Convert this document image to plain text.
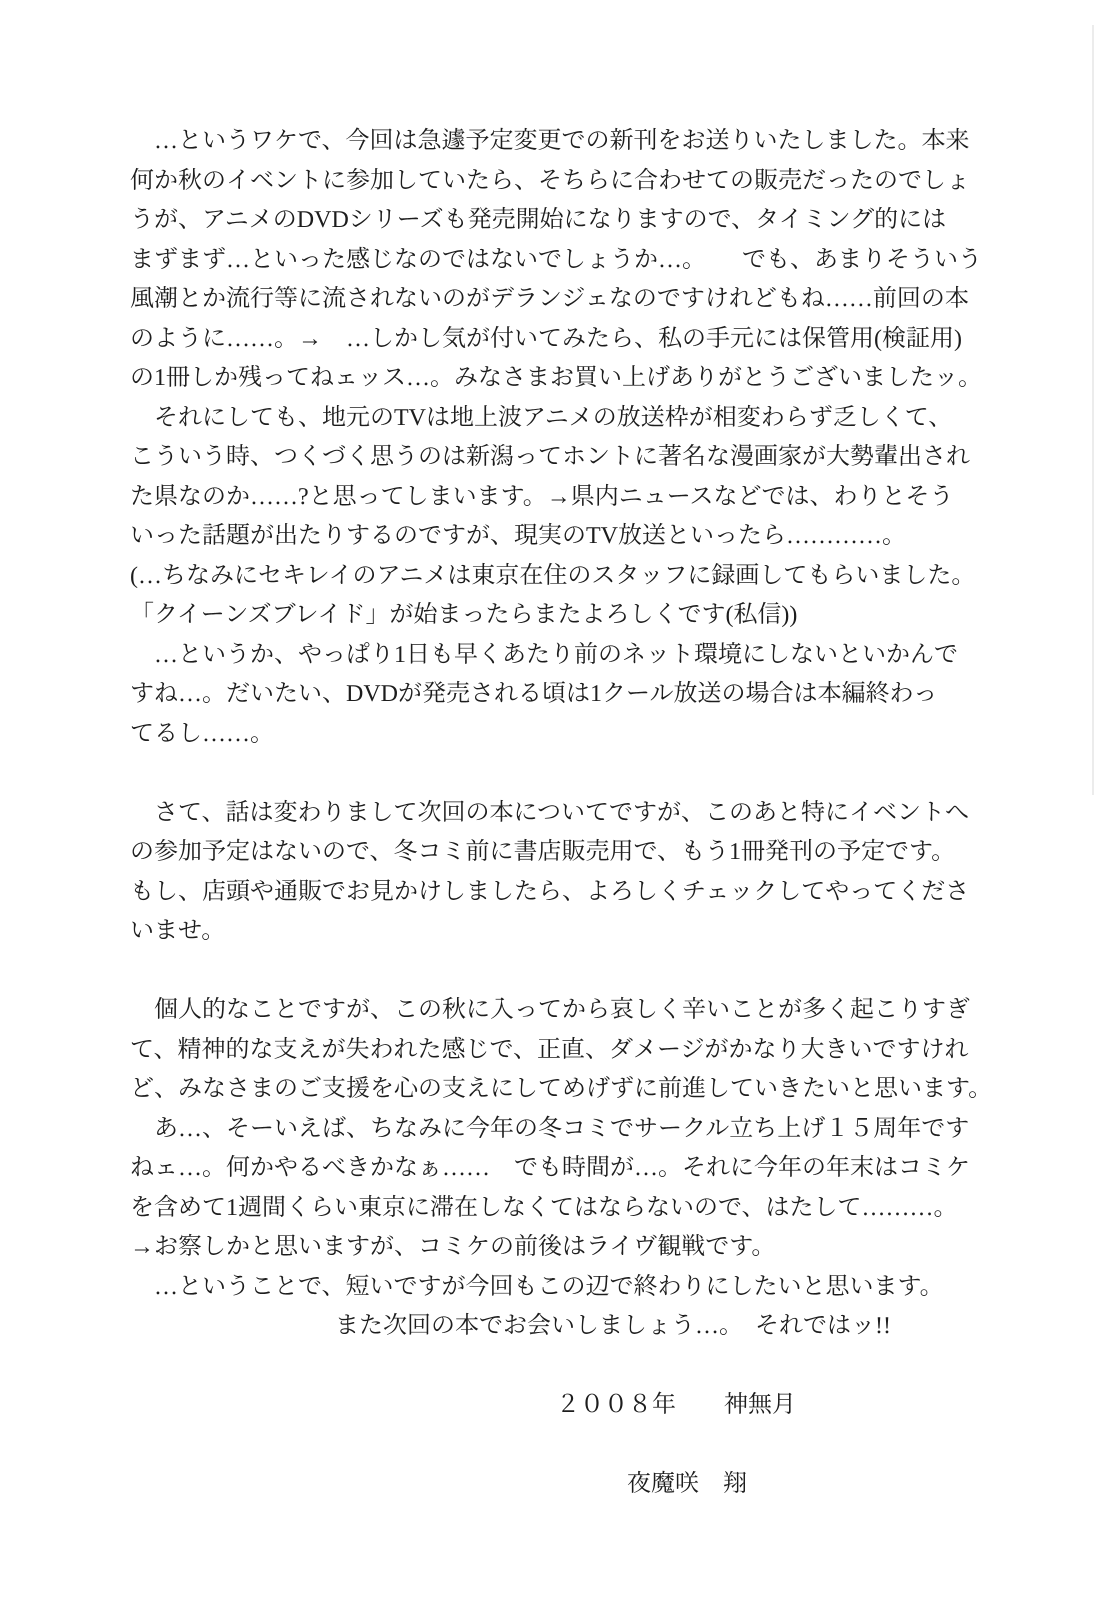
　…というワケで、今回は急遽予定変更での新刊をお送りいたしました。本来
何か秋のイベントに参加していたら、そちらに合わせての販売だったのでしょ
うが、アニメのDVDシリーズも発売開始になりますので、タイミング的には
まずまず…といった感じなのではないでしょうか…。　　でも、あまりそういう
風潮とか流行等に流されないのがデランジェなのですけれどもね……前回の本
のように……。→　…しかし気が付いてみたら、私の手元には保管用(検証用)
の1冊しか残ってねェッス…。みなさまお買い上げありがとうございましたッ。
　それにしても、地元のTVは地上波アニメの放送枠が相変わらず乏しくて、
こういう時、つくづく思うのは新潟ってホントに著名な漫画家が大勢輩出され
た県なのか……?と思ってしまいます。→県内ニュースなどでは、わりとそう
いった話題が出たりするのですが、現実のTV放送といったら…………。
(…ちなみにセキレイのアニメは東京在住のスタッフに録画してもらいました。
「クイーンズブレイド」が始まったらまたよろしくです(私信))
　…というか、やっぱり1日も早くあたり前のネット環境にしないといかんで
すね…。だいたい、DVDが発売される頃は1クール放送の場合は本編終わっ
てるし……。
　さて、話は変わりまして次回の本についてですが、このあと特にイベントへ
の参加予定はないので、冬コミ前に書店販売用で、もう1冊発刊の予定です。
もし、店頭や通販でお見かけしましたら、よろしくチェックしてやってくださ
いませ。
　個人的なことですが、この秋に入ってから哀しく辛いことが多く起こりすぎ
て、精神的な支えが失われた感じで、正直、ダメージがかなり大きいですけれ
ど、みなさまのご支援を心の支えにしてめげずに前進していきたいと思います。
　あ…、そーいえば、ちなみに今年の冬コミでサークル立ち上げ１５周年です
ねェ…。何かやるべきかなぁ……　でも時間が…。それに今年の年末はコミケ
を含めて1週間くらい東京に滞在しなくてはならないので、はたして………。
→お察しかと思いますが、コミケの前後はライヴ観戦です。
　…ということで、短いですが今回もこの辺で終わりにしたいと思います。
また次回の本でお会いしましょう…。　それではッ!!
２００８年　　神無月
夜魔咲　翔
